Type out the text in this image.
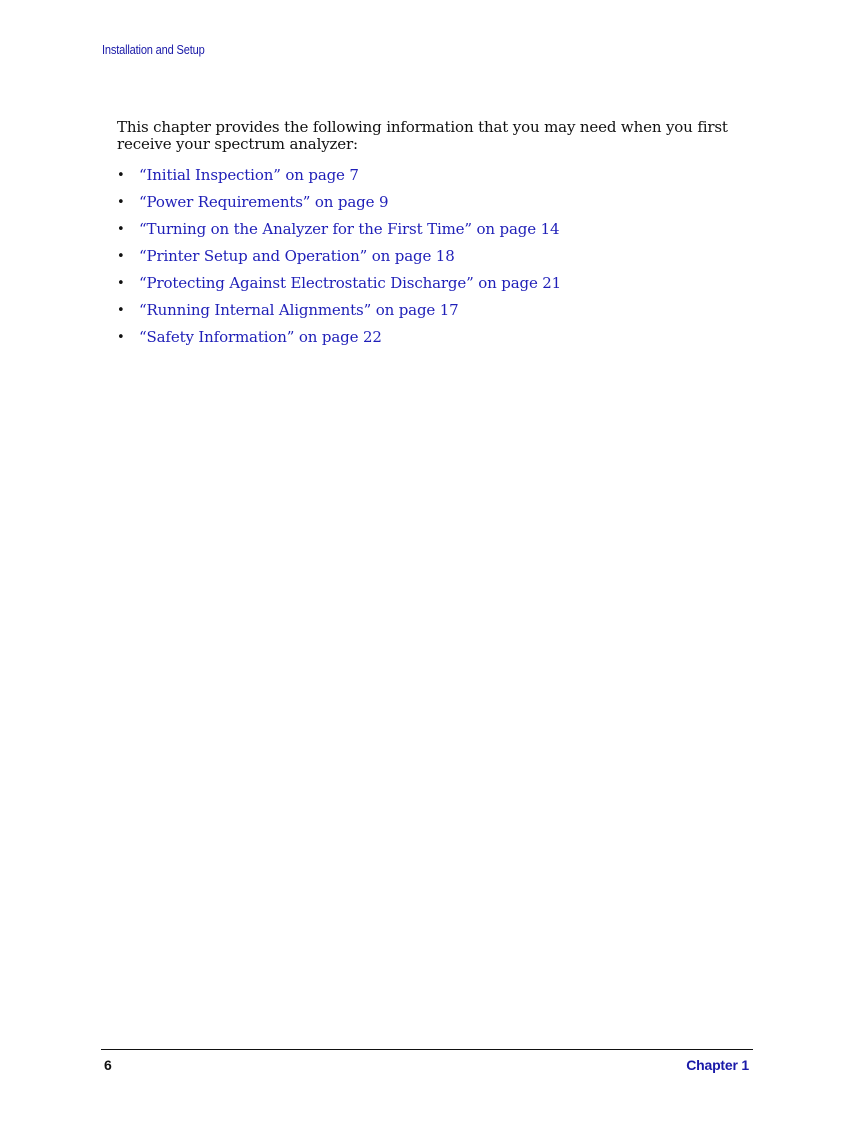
Installation and Setup

This chapter provides the following information that you may need when you first receive your spectrum analyzer:

• “Initial Inspection” on page 7
• “Power Requirements” on page 9
• “Turning on the Analyzer for the First Time” on page 14
• “Printer Setup and Operation” on page 18
• “Protecting Against Electrostatic Discharge” on page 21
• “Running Internal Alignments” on page 17
• “Safety Information” on page 22
6	Chapter 1
